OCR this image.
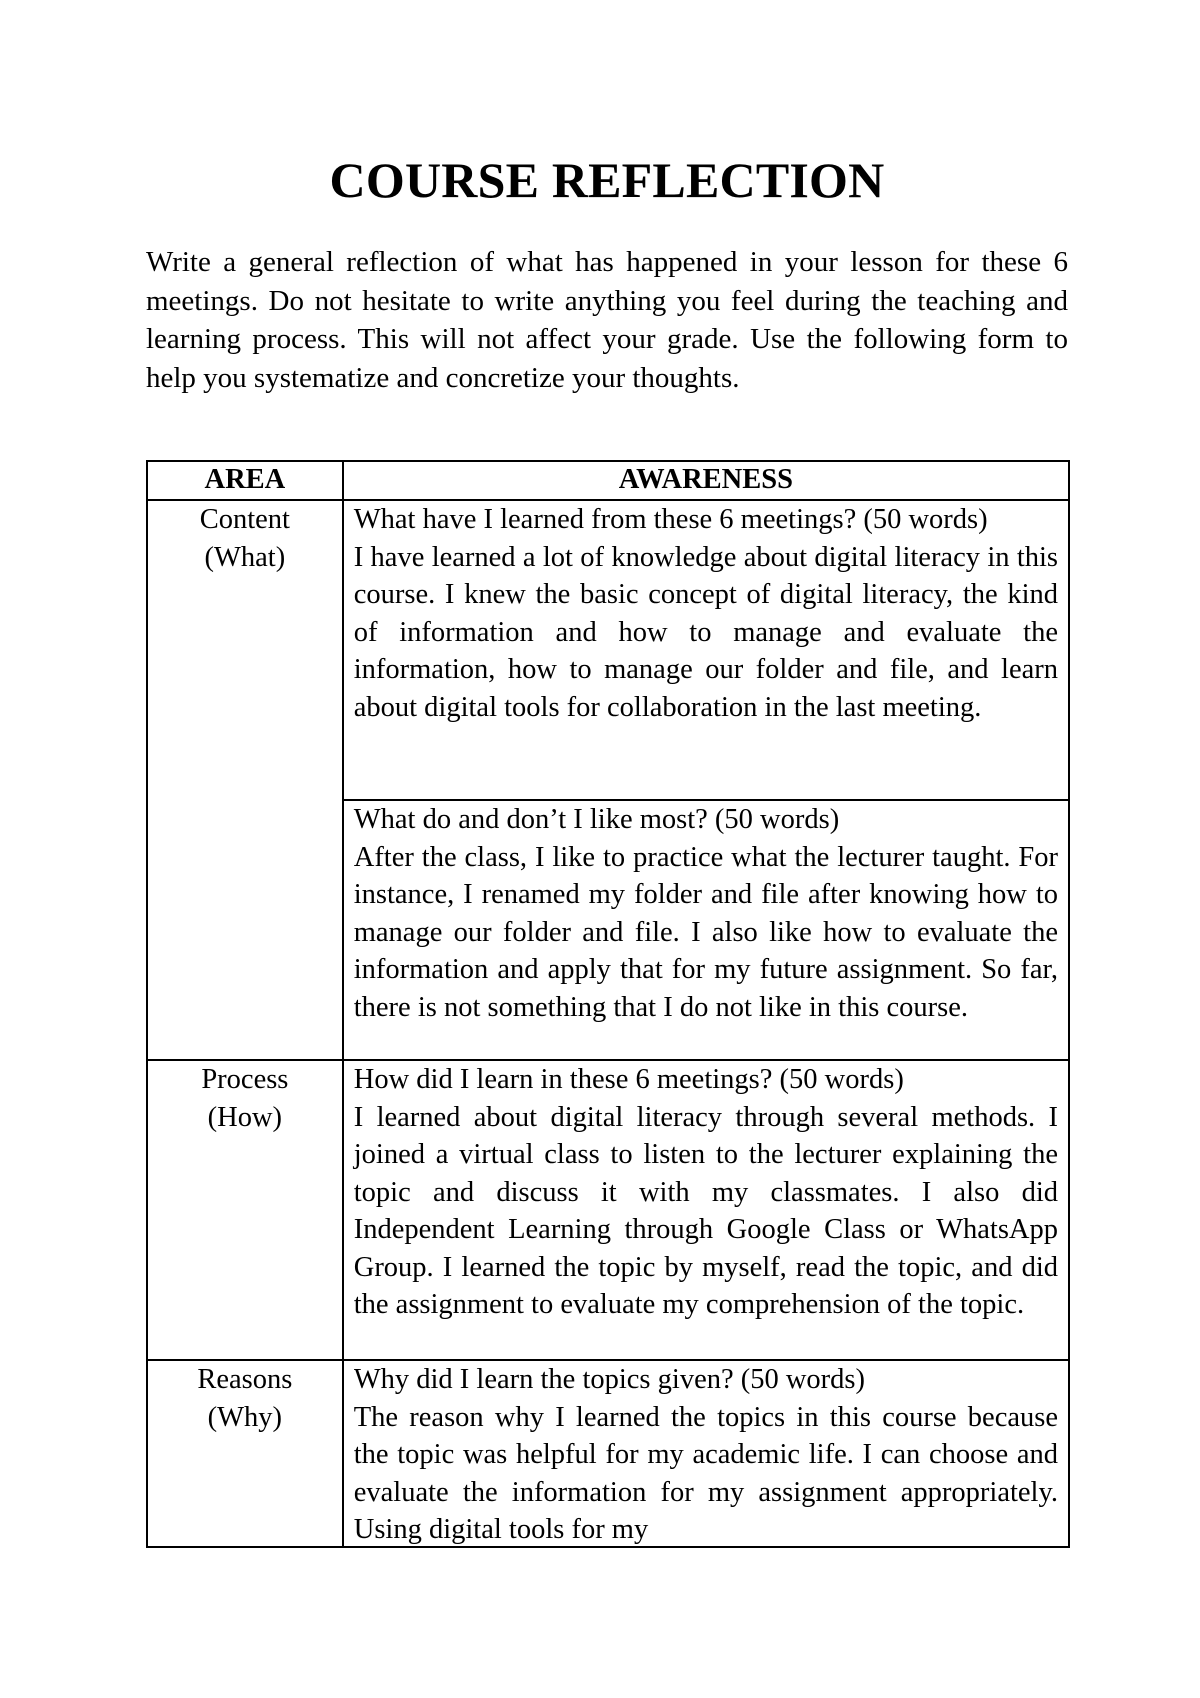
COURSE REFLECTION

Write a general reflection of what has happened in your lesson for these 6 meetings. Do not hesitate to write anything you feel during the teaching and learning process. This will not affect your grade. Use the following form to help you systematize and concretize your thoughts.

AREA	AWARENESS

Content
(What)	What have I learned from these 6 meetings? (50 words)
I have learned a lot of knowledge about digital literacy in this course. I knew the basic concept of digital literacy, the kind of information and how to manage and evaluate the information, how to manage our folder and file, and learn about digital tools for collaboration in the last meeting.

	What do and don’t I like most? (50 words)
After the class, I like to practice what the lecturer taught. For instance, I renamed my folder and file after knowing how to manage our folder and file. I also like how to evaluate the information and apply that for my future assignment. So far, there is not something that I do not like in this course.

Process
(How)	How did I learn in these 6 meetings? (50 words)
I learned about digital literacy through several methods. I joined a virtual class to listen to the lecturer explaining the topic and discuss it with my classmates. I also did Independent Learning through Google Class or WhatsApp Group. I learned the topic by myself, read the topic, and did the assignment to evaluate my comprehension of the topic.

Reasons
(Why)	Why did I learn the topics given? (50 words)
The reason why I learned the topics in this course because the topic was helpful for my academic life. I can choose and evaluate the information for my assignment appropriately. Using digital tools for my
